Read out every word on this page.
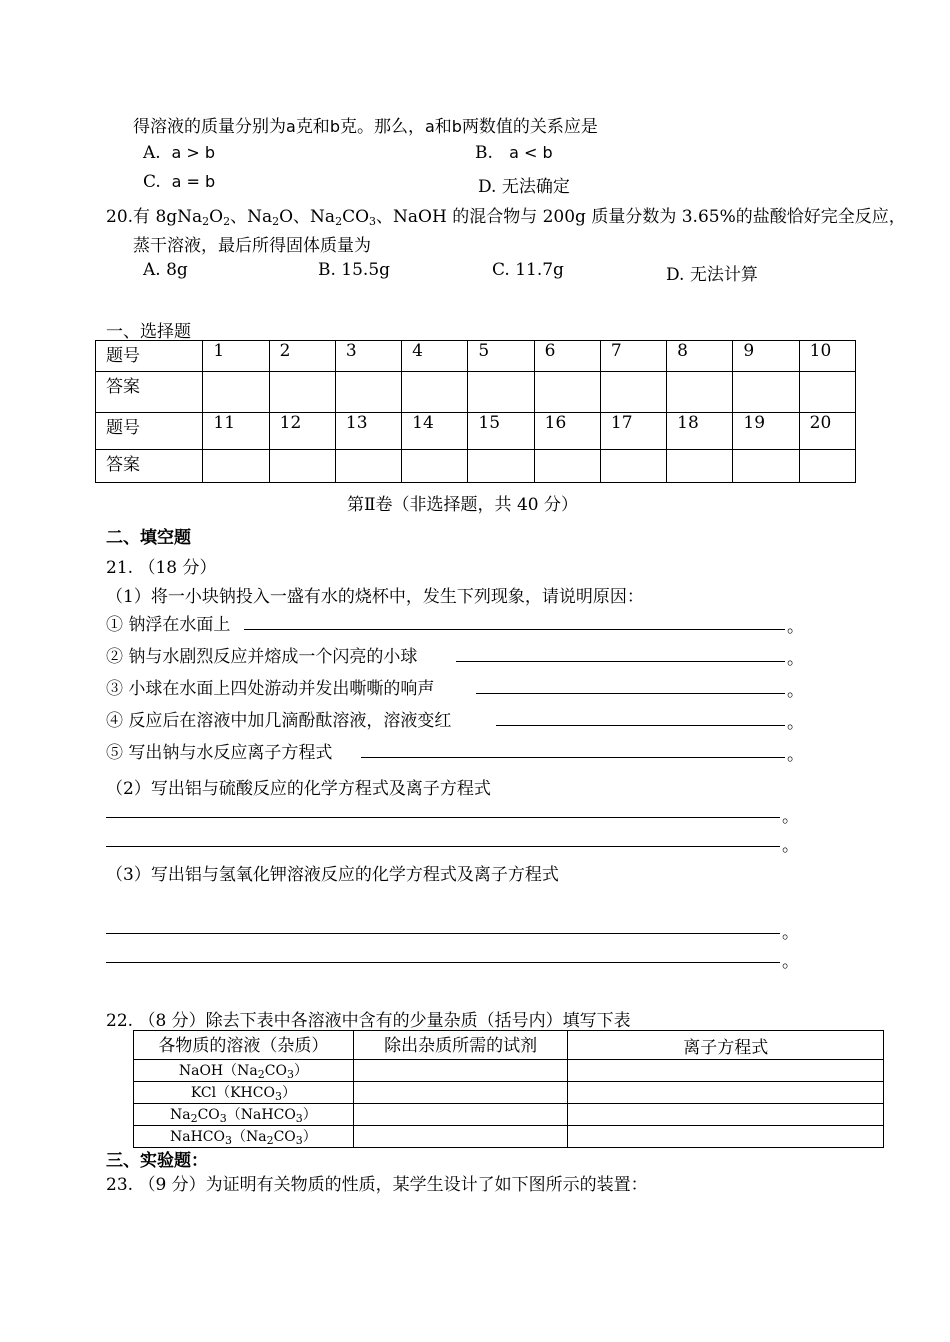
得溶液的质量分别为a克和b克。那么，a和b两数值的关系应是
A. a > b	B. a < b
C. a = b	D. 无法确定
20.有 $8gNa_2O_2$、$Na_2O$、$Na_2CO_3$、NaOH 的混合物与 200g 质量分数为 3.65%的盐酸恰好完全反应，
蒸干溶液，最后所得固体质量为
A. 8g	B. 15.5g	C. 11.7g	D. 无法计算
一、选择题
题号	1	2	3	4	5	6	7	8	9	10
答案										
题号	11	12	13	14	15	16	17	18	19	20
答案										
第Ⅱ卷（非选择题，共 40 分）
二、填空题
21. （18 分）
（1）将一小块钠投入一盛有水的烧杯中，发生下列现象，请说明原因：
① 钠浮在水面上	。
② 钠与水剧烈反应并熔成一个闪亮的小球	。
③ 小球在水面上四处游动并发出嘶嘶的响声	。
④ 反应后在溶液中加几滴酚酞溶液，溶液变红	。
⑤ 写出钠与水反应离子方程式	。
（2）写出铝与硫酸反应的化学方程式及离子方程式
。
。
（3）写出铝与氢氧化钾溶液反应的化学方程式及离子方程式
。
。
22. （8 分）除去下表中各溶液中含有的少量杂质（括号内）填写下表
各物质的溶液（杂质）	除出杂质所需的试剂	离子方程式
$NaOH(Na_2CO_3)$		
$KCl(KHCO_3)$		
$Na_2CO_3(NaHCO_3)$		
$NaHCO_3(Na_2CO_3)$		
三、实验题：
23. （9 分）为证明有关物质的性质，某学生设计了如下图所示的装置：
